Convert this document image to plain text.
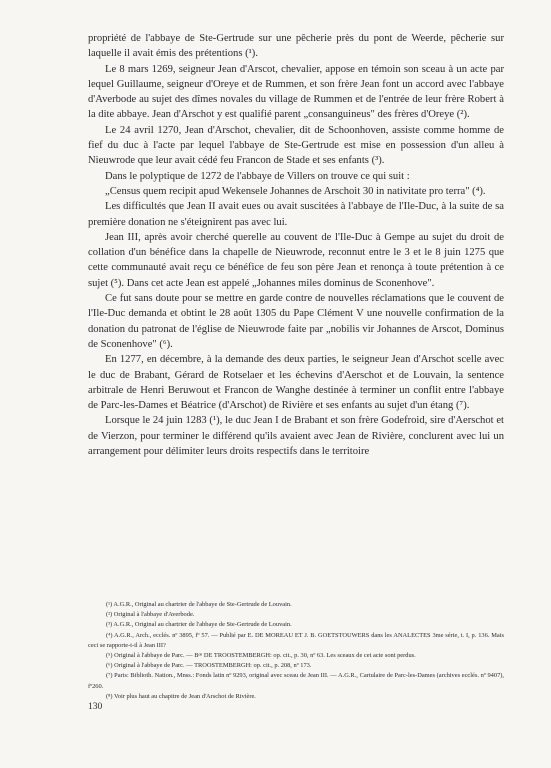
propriété de l'abbaye de Ste-Gertrude sur une pêcherie près du pont de Weerde, pêcherie sur laquelle il avait émis des prétentions (¹).

Le 8 mars 1269, seigneur Jean d'Arscot, chevalier, appose en témoin son sceau à un acte par lequel Guillaume, seigneur d'Oreye et de Rummen, et son frère Jean font un accord avec l'abbaye d'Averbode au sujet des dîmes novales du village de Rummen et de l'entrée de leur frère Robert à la dite abbaye. Jean d'Arschot y est qualifié parent „consanguineus" des frères d'Oreye (²).

Le 24 avril 1270, Jean d'Arschot, chevalier, dit de Schoonhoven, assiste comme homme de fief du duc à l'acte par lequel l'abbaye de Ste-Gertrude est mise en possession d'un alleu à Nieuwrode que leur avait cédé feu Francon de Stade et ses enfants (³).

Dans le polyptique de 1272 de l'abbaye de Villers on trouve ce qui suit :

„Census quem recipit apud Wekensele Johannes de Arschoit 30 in nativitate pro terra" (⁴).

Les difficultés que Jean II avait eues ou avait suscitées à l'abbaye de l'Ile-Duc, à la suite de sa première donation ne s'éteignirent pas avec lui.

Jean III, après avoir cherché querelle au couvent de l'Ile-Duc à Gempe au sujet du droit de collation d'un bénéfice dans la chapelle de Nieuwrode, reconnut entre le 3 et le 8 juin 1275 que cette communauté avait reçu ce bénéfice de feu son père Jean et renonça à toute prétention à ce sujet (⁵). Dans cet acte Jean est appelé „Johannes miles dominus de Sconenhove".

Ce fut sans doute pour se mettre en garde contre de nouvelles réclamations que le couvent de l'Ile-Duc demanda et obtint le 28 août 1305 du Pape Clément V une nouvelle confirmation de la donation du patronat de l'église de Nieuwrode faite par „nobilis vir Johannes de Arscot, Dominus de Sconenhove" (⁶).

En 1277, en décembre, à la demande des deux parties, le seigneur Jean d'Arschot scelle avec le duc de Brabant, Gérard de Rotselaer et les échevins d'Aerschot et de Louvain, la sentence arbitrale de Henri Beruwout et Francon de Wanghe destinée à terminer un conflit entre l'abbaye de Parc-les-Dames et Béatrice (d'Arschot) de Rivière et ses enfants au sujet d'un étang (⁷).

Lorsque le 24 juin 1283 (¹), le duc Jean I de Brabant et son frère Godefroid, sire d'Aerschot et de Vierzon, pour terminer le différend qu'ils avaient avec Jean de Rivière, conclurent avec lui un arrangement pour délimiter leurs droits respectifs dans le territoire

(¹) A.G.R., Original au chartrier de l'abbaye de Ste-Gertrude de Louvain.

(²) Original à l'abbaye d'Averbode.

(³) A.G.R., Original au chartrier de l'abbaye de Ste-Gertrude de Louvain.

(⁴) A.G.R., Arch., ecclés. nº 3895, fº 57. — Publié par E. DE MOREAU ET J. B. GOETSTOUWERS dans les ANALECTES 3me série, t. I, p. 136. Mais ceci se rapporte-t-il à Jean III?

(⁵) Original à l'abbaye de Parc. — Bᵒⁿ DE TROOSTEMBERGH: op. cit., p. 30, nº 63. Les sceaux de cet acte sont perdus.

(⁶) Original à l'abbaye de Parc. — TROOSTEMBERGH: op. cit., p. 208, nº 173.

(⁷) Paris: Biblioth. Nation., Mnss.: Fonds latin nº 9293, original avec sceau de Jean III. — A.G.R., Cartulaire de Parc-les-Dames (archives ecclés. nº 9407), fº260.

(⁸) Voir plus haut au chapitre de Jean d'Arschot de Rivière.

130
